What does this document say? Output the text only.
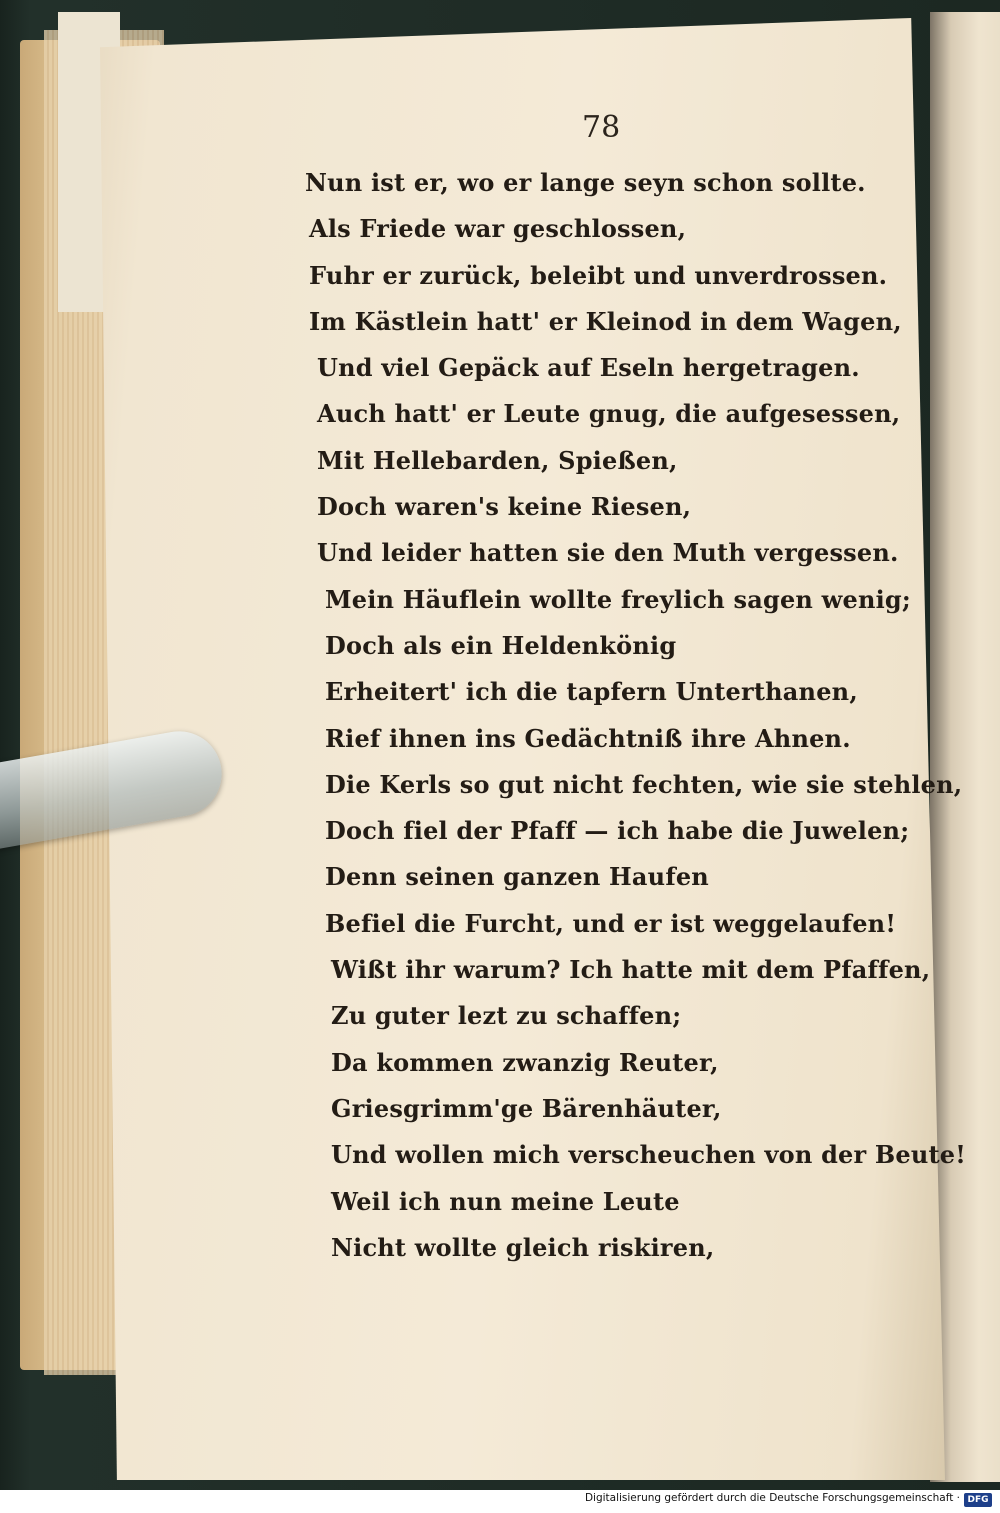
78
Nun ist er, wo er lange seyn schon sollte.
Als Friede war geschlossen,
Fuhr er zurück, beleibt und unverdrossen.
Im Kästlein hatt' er Kleinod in dem Wagen,
Und viel Gepäck auf Eseln hergetragen.
Auch hatt' er Leute gnug, die aufgesessen,
Mit Hellebarden, Spießen,
Doch waren's keine Riesen,
Und leider hatten sie den Muth vergessen.
Mein Häuflein wollte freylich sagen wenig;
Doch als ein Heldenkönig
Erheitert' ich die tapfern Unterthanen,
Rief ihnen ins Gedächtniß ihre Ahnen.
Die Kerls so gut nicht fechten, wie sie stehlen,
Doch fiel der Pfaff — ich habe die Juwelen;
Denn seinen ganzen Haufen
Befiel die Furcht, und er ist weggelaufen!
Wißt ihr warum? Ich hatte mit dem Pfaffen,
Zu guter lezt zu schaffen;
Da kommen zwanzig Reuter,
Griesgrimm'ge Bärenhäuter,
Und wollen mich verscheuchen von der Beute!
Weil ich nun meine Leute
Nicht wollte gleich riskiren,
Digitalisierung gefördert durch die Deutsche Forschungsgemeinschaft · DFG
